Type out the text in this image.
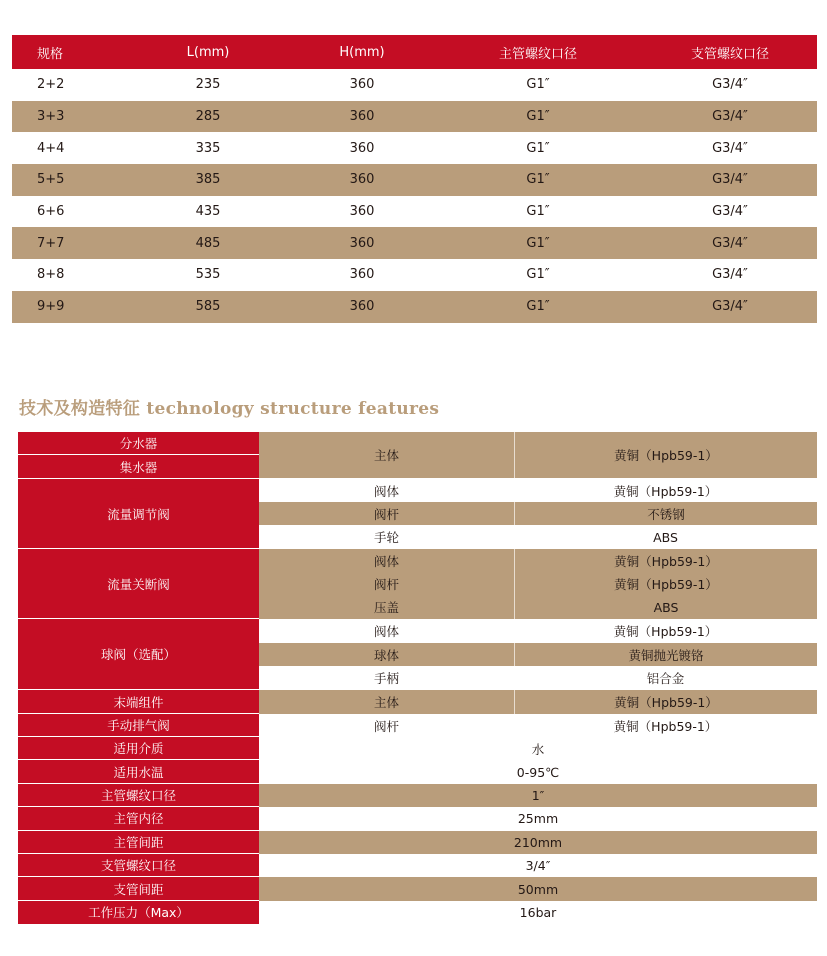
规格	L(mm)	H(mm)	主管螺纹口径	支管螺纹口径
2+2	235	360	G1″	G3/4″
3+3	285	360	G1″	G3/4″
4+4	335	360	G1″	G3/4″
5+5	385	360	G1″	G3/4″
6+6	435	360	G1″	G3/4″
7+7	485	360	G1″	G3/4″
8+8	535	360	G1″	G3/4″
9+9	585	360	G1″	G3/4″
技术及构造特征 technology structure features
分水器
集水器
主体	黄铜（Hpb59-1）
流量调节阀
阀体	黄铜（Hpb59-1）
阀杆	不锈钢
手轮	ABS
流量关断阀
阀体	黄铜（Hpb59-1）
阀杆	黄铜（Hpb59-1）
压盖	ABS
球阀（选配）
阀体	黄铜（Hpb59-1）
球体	黄铜抛光镀铬
手柄	铝合金
末端组件	主体	黄铜（Hpb59-1）
手动排气阀	阀杆	黄铜（Hpb59-1）
适用介质	水
适用水温	0-95℃
主管螺纹口径	1″
主管内径	25mm
主管间距	210mm
支管螺纹口径	3/4″
支管间距	50mm
工作压力（Max）	16bar
